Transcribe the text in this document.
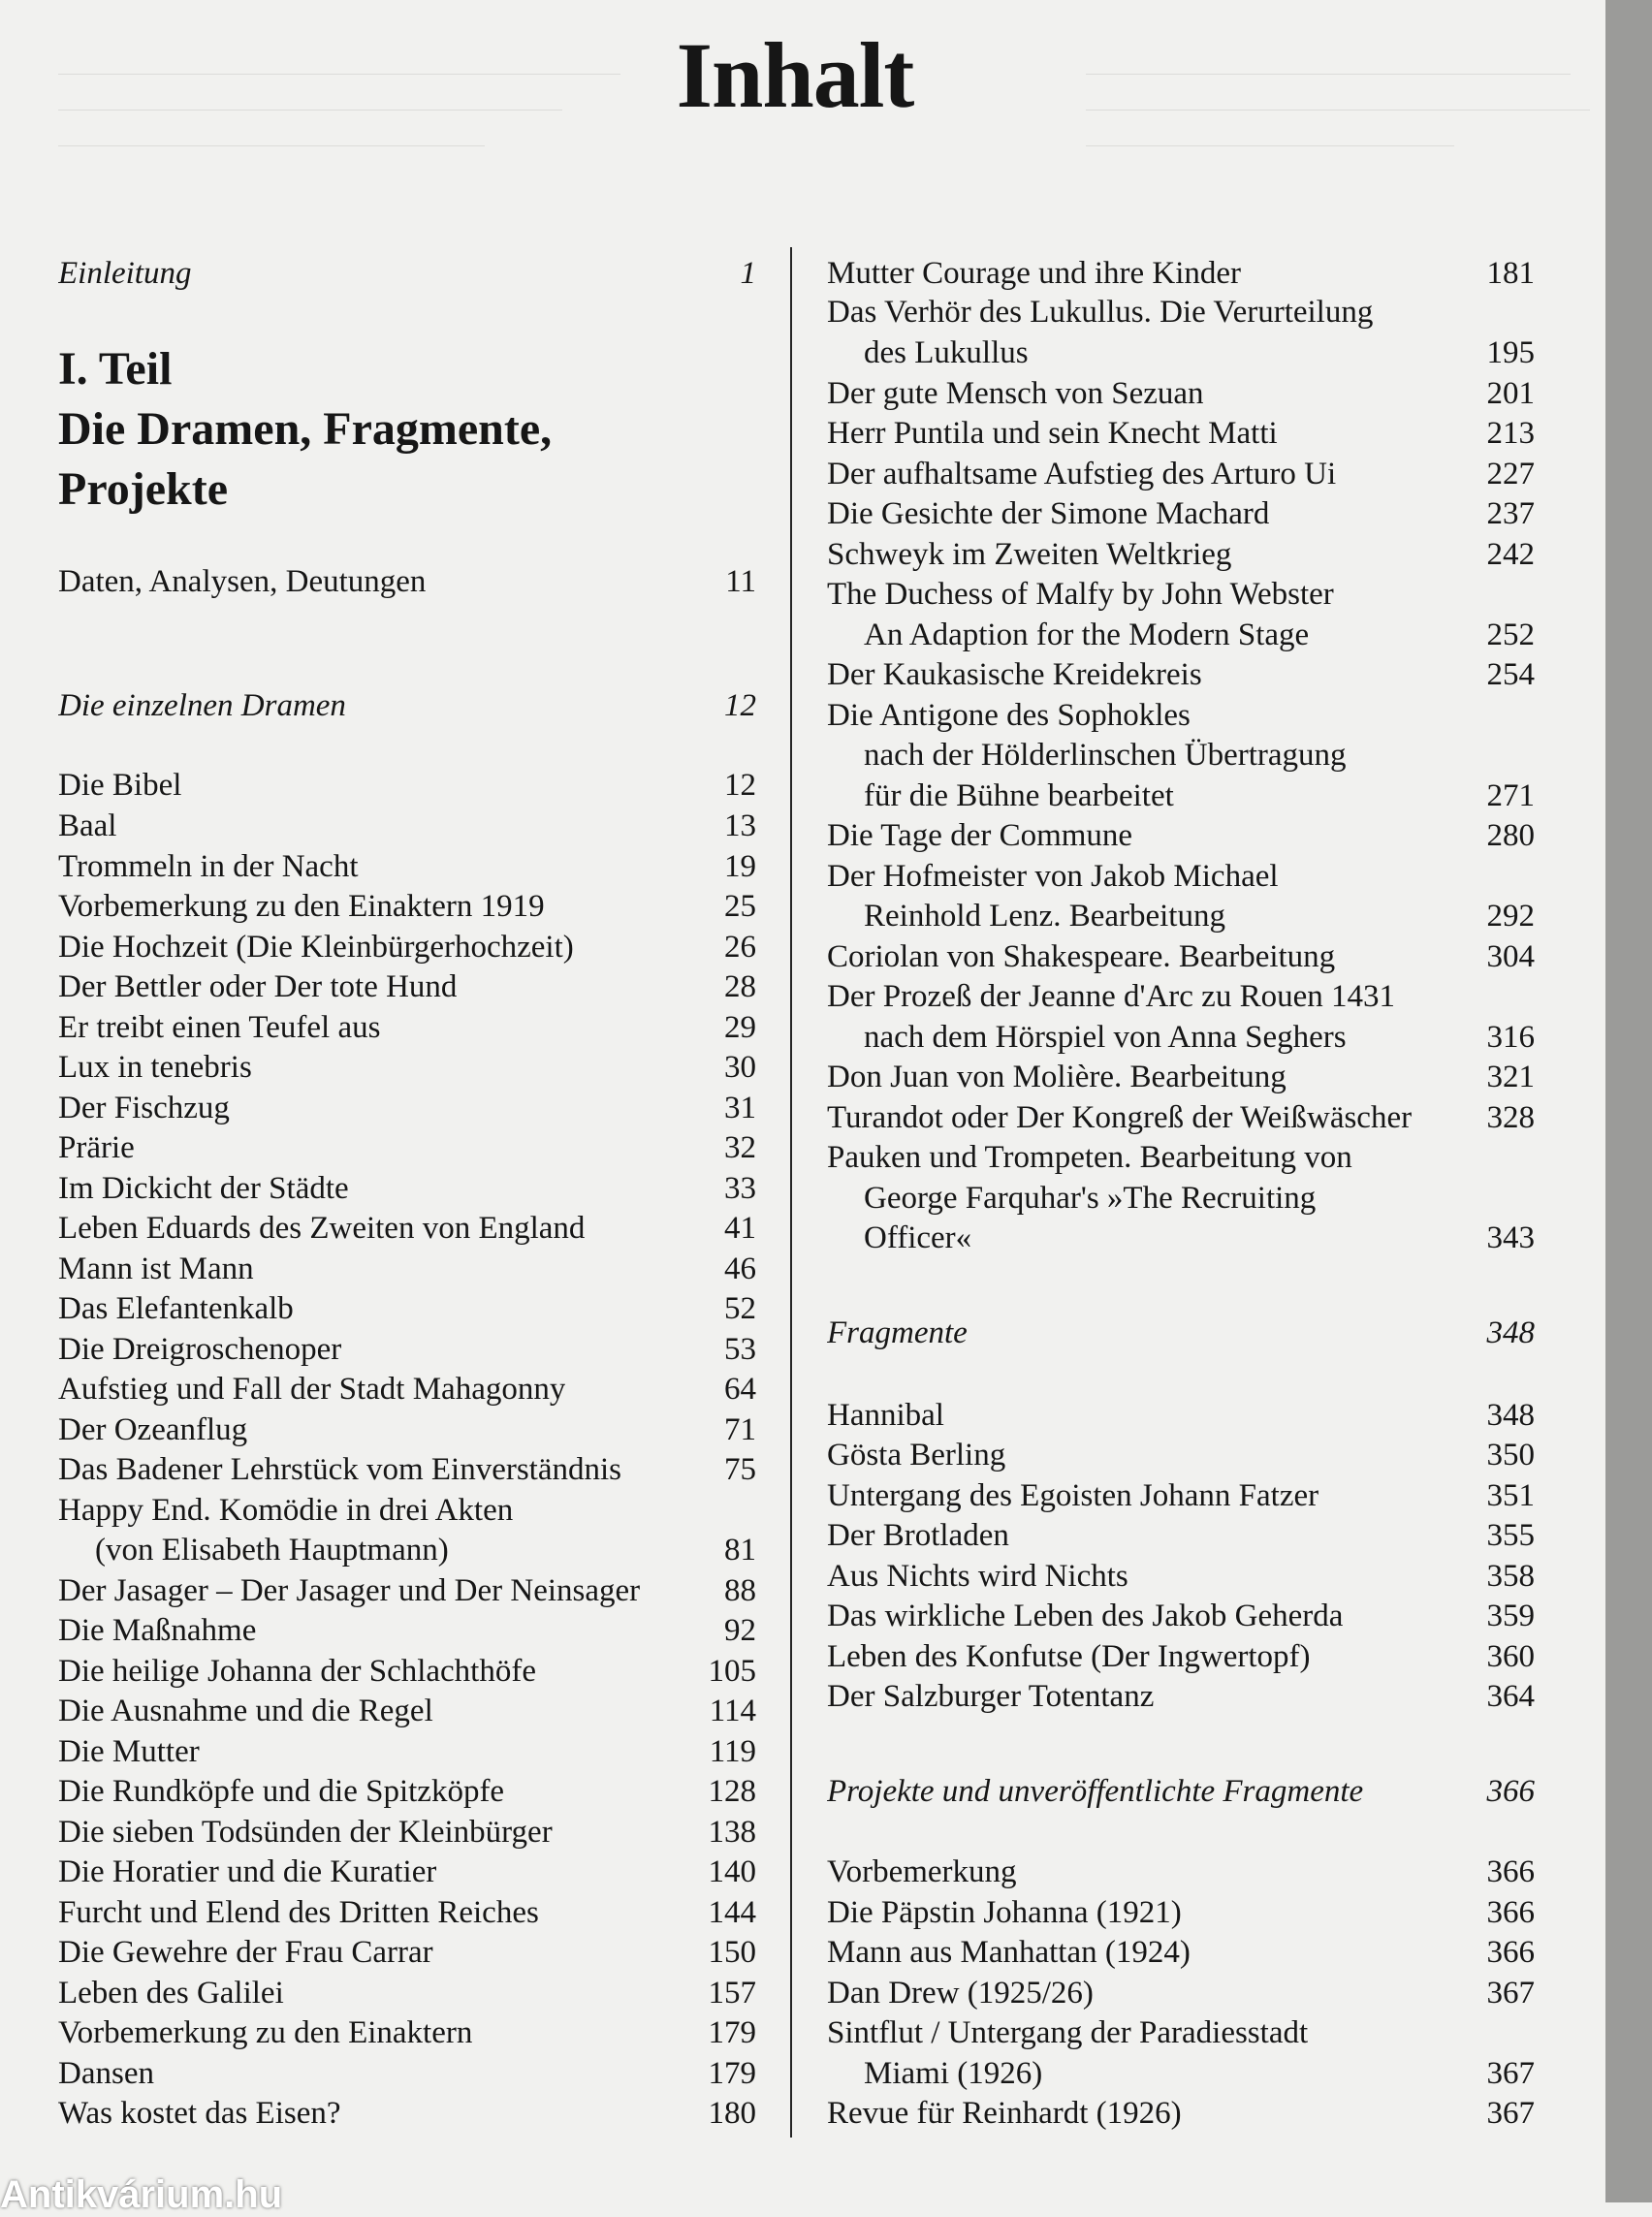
Inhalt
I. Teil
Die Dramen, Fragmente,
Projekte
Einleitung	1
Daten, Analysen, Deutungen	11
Die einzelnen Dramen	12
Die Bibel	12
Baal	13
Trommeln in der Nacht	19
Vorbemerkung zu den Einaktern 1919	25
Die Hochzeit (Die Kleinbürgerhochzeit)	26
Der Bettler oder Der tote Hund	28
Er treibt einen Teufel aus	29
Lux in tenebris	30
Der Fischzug	31
Prärie	32
Im Dickicht der Städte	33
Leben Eduards des Zweiten von England	41
Mann ist Mann	46
Das Elefantenkalb	52
Die Dreigroschenoper	53
Aufstieg und Fall der Stadt Mahagonny	64
Der Ozeanflug	71
Das Badener Lehrstück vom Einverständnis	75
Happy End. Komödie in drei Akten
(von Elisabeth Hauptmann)	81
Der Jasager – Der Jasager und Der Neinsager	88
Die Maßnahme	92
Die heilige Johanna der Schlachthöfe	105
Die Ausnahme und die Regel	114
Die Mutter	119
Die Rundköpfe und die Spitzköpfe	128
Die sieben Todsünden der Kleinbürger	138
Die Horatier und die Kuratier	140
Furcht und Elend des Dritten Reiches	144
Die Gewehre der Frau Carrar	150
Leben des Galilei	157
Vorbemerkung zu den Einaktern	179
Dansen	179
Was kostet das Eisen?	180
Mutter Courage und ihre Kinder	181
Das Verhör des Lukullus. Die Verurteilung
des Lukullus	195
Der gute Mensch von Sezuan	201
Herr Puntila und sein Knecht Matti	213
Der aufhaltsame Aufstieg des Arturo Ui	227
Die Gesichte der Simone Machard	237
Schweyk im Zweiten Weltkrieg	242
The Duchess of Malfy by John Webster
An Adaption for the Modern Stage	252
Der Kaukasische Kreidekreis	254
Die Antigone des Sophokles
nach der Hölderlinschen Übertragung
für die Bühne bearbeitet	271
Die Tage der Commune	280
Der Hofmeister von Jakob Michael
Reinhold Lenz. Bearbeitung	292
Coriolan von Shakespeare. Bearbeitung	304
Der Prozeß der Jeanne d'Arc zu Rouen 1431
nach dem Hörspiel von Anna Seghers	316
Don Juan von Molière. Bearbeitung	321
Turandot oder Der Kongreß der Weißwäscher 328
Pauken und Trompeten. Bearbeitung von
George Farquhar's »The Recruiting
Officer«	343
Fragmente	348
Hannibal	348
Gösta Berling	350
Untergang des Egoisten Johann Fatzer	351
Der Brotladen	355
Aus Nichts wird Nichts	358
Das wirkliche Leben des Jakob Geherda	359
Leben des Konfutse (Der Ingwertopf)	360
Der Salzburger Totentanz	364
Projekte und unveröffentlichte Fragmente	366
Vorbemerkung	366
Die Päpstin Johanna (1921)	366
Mann aus Manhattan (1924)	366
Dan Drew (1925/26)	367
Sintflut / Untergang der Paradiesstadt
Miami (1926)	367
Revue für Reinhardt (1926)	367
Antikvárium.hu
